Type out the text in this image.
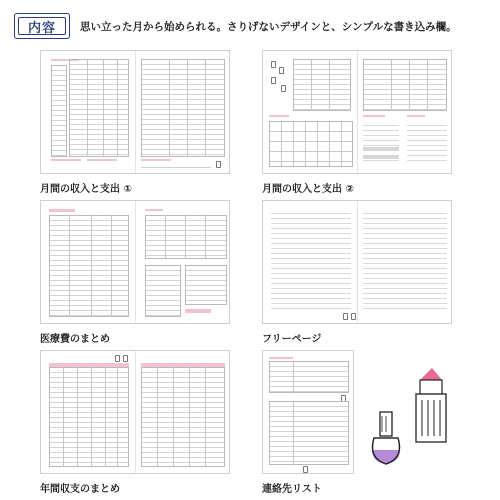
内容 思い立った月から始められる。さりげないデザインと、シンプルな書き込み欄。
月間の収入と支出 ①	月間の収入と支出 ②
医療費のまとめ	フリーページ
年間収支のまとめ	連絡先リスト
